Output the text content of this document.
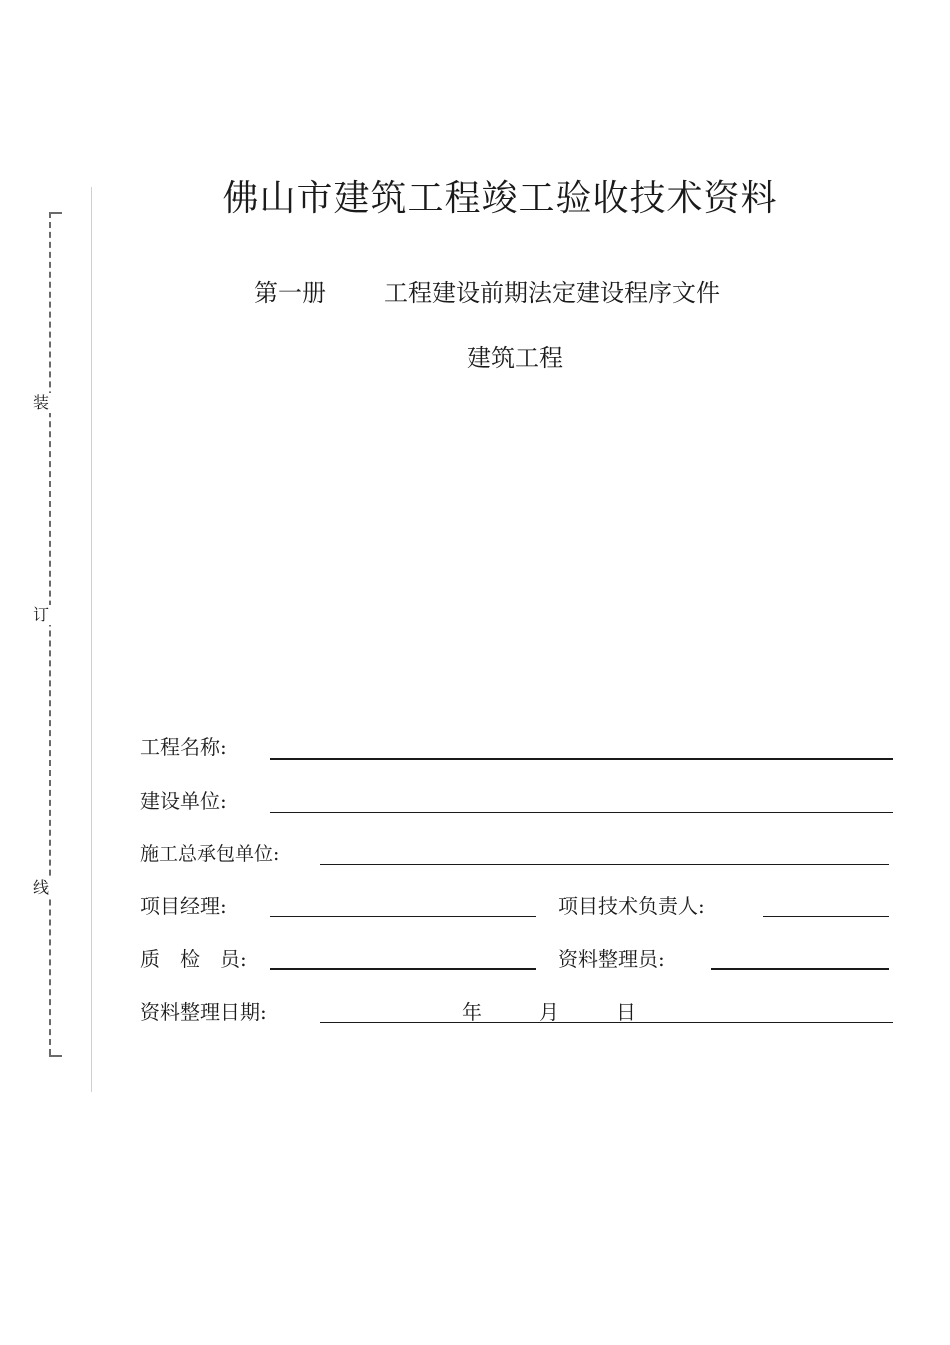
装
订
线
佛山市建筑工程竣工验收技术资料
第一册 工程建设前期法定建设程序文件
建筑工程
工程名称:
建设单位:
施工总承包单位:
项目经理:	项目技术负责人:
质　检　员:	资料整理员:
资料整理日期:	年	月	日
